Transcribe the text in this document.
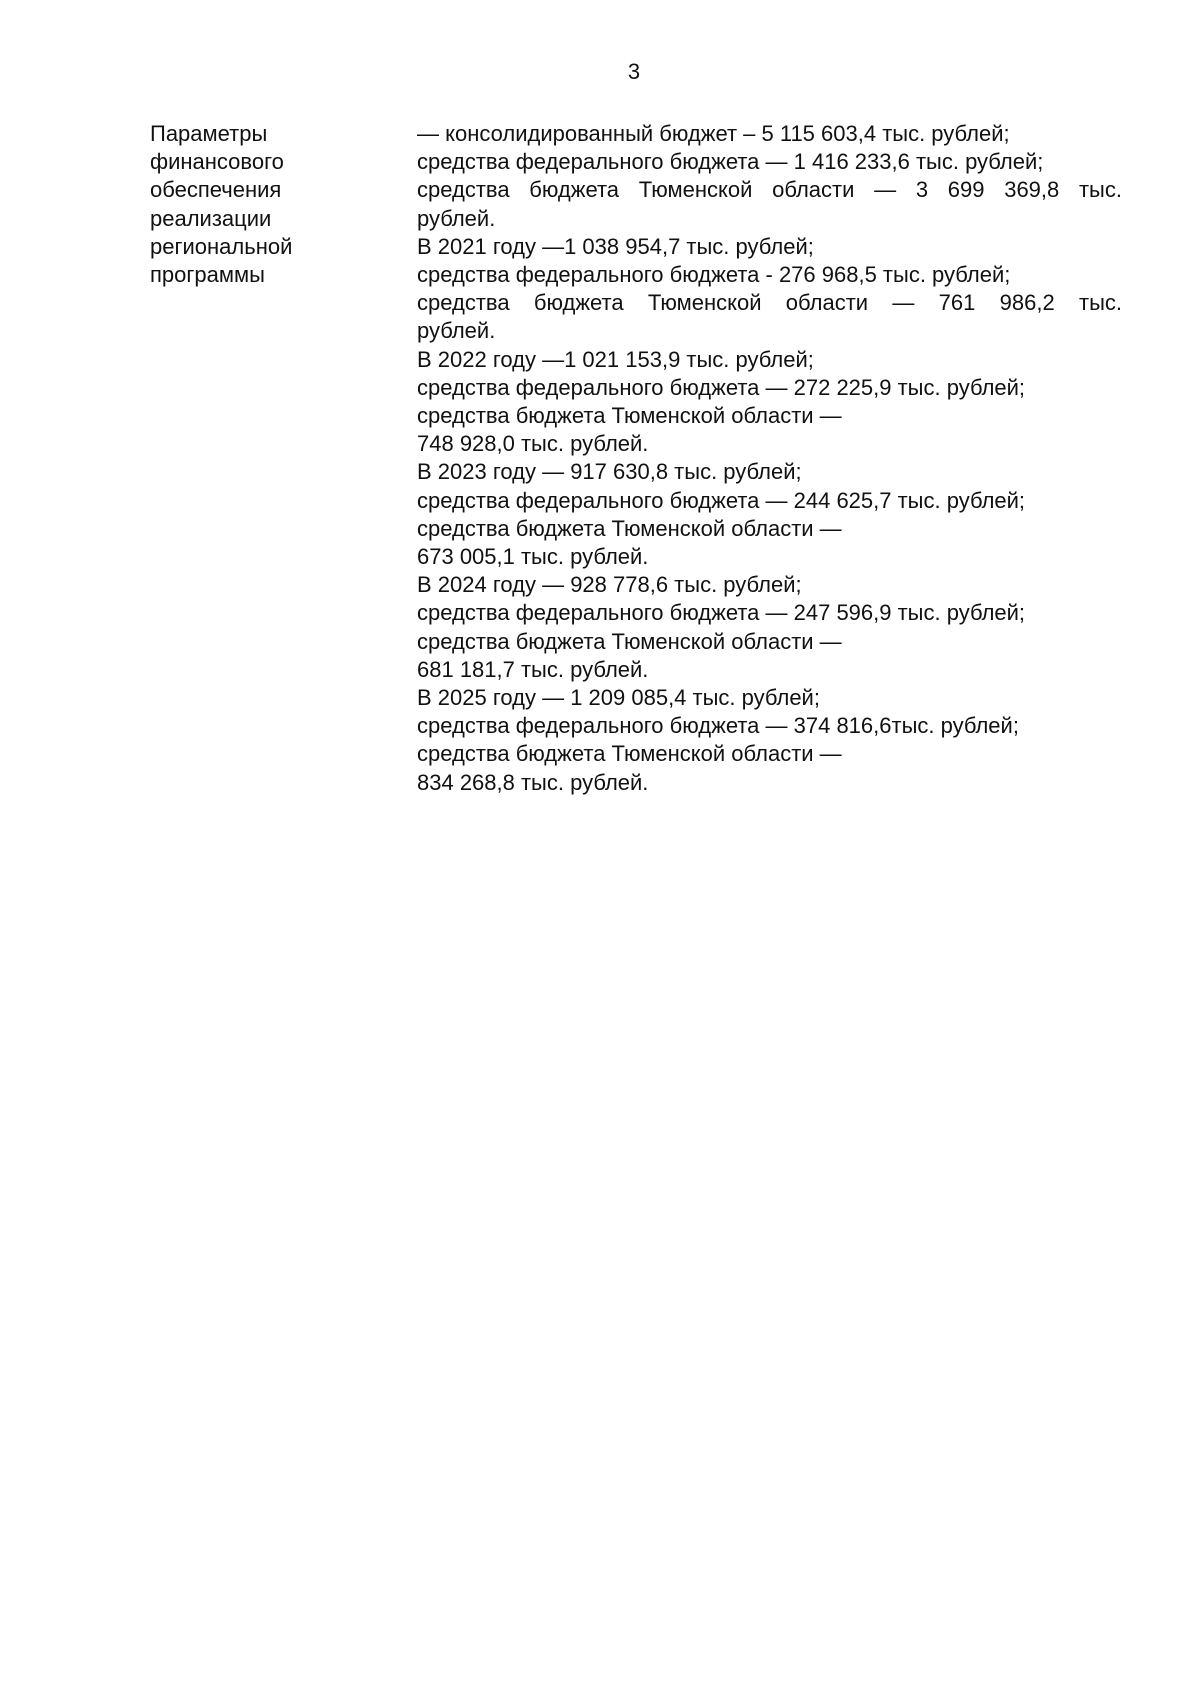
3
Параметры
финансового
обеспечения
реализации
региональной
программы
— консолидированный бюджет – 5 115 603,4 тыс. рублей;
средства федерального бюджета — 1 416 233,6 тыс. рублей;
средства бюджета Тюменской области — 3 699 369,8 тыс.
рублей.
В 2021 году —1 038 954,7 тыс. рублей;
средства федерального бюджета - 276 968,5 тыс. рублей;
средства бюджета Тюменской области — 761 986,2 тыс.
рублей.
В 2022 году —1 021 153,9 тыс. рублей;
средства федерального бюджета — 272 225,9 тыс. рублей;
средства бюджета Тюменской области —
748 928,0 тыс. рублей.
В 2023 году — 917 630,8 тыс. рублей;
средства федерального бюджета — 244 625,7 тыс. рублей;
средства бюджета Тюменской области —
673 005,1 тыс. рублей.
В 2024 году — 928 778,6 тыс. рублей;
средства федерального бюджета — 247 596,9 тыс. рублей;
средства бюджета Тюменской области —
681 181,7 тыс. рублей.
В 2025 году — 1 209 085,4 тыс. рублей;
средства федерального бюджета — 374 816,6тыс. рублей;
средства бюджета Тюменской области —
834 268,8 тыс. рублей.
